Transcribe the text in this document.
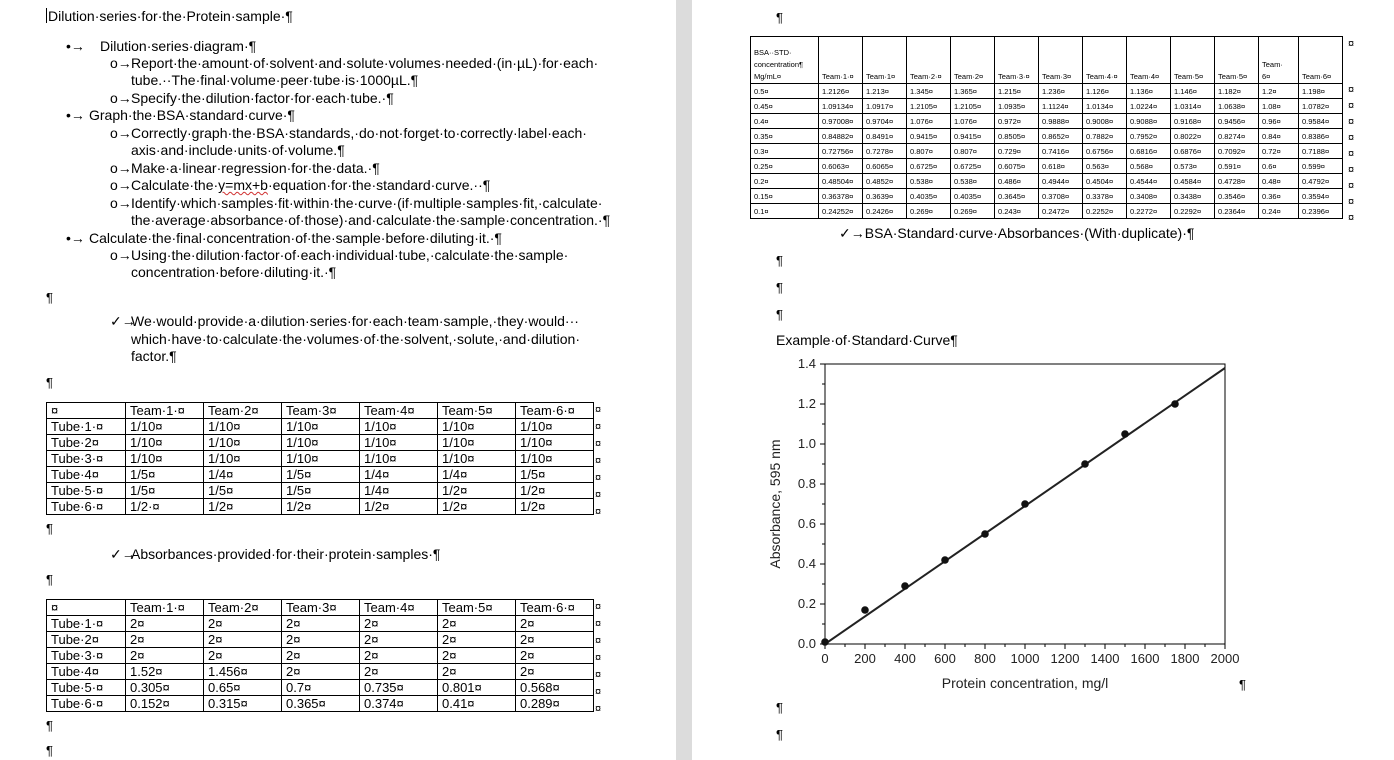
Dilution·series·for·the·Protein·sample·¶
•→ Dilution·series·diagram·¶
o→Report·the·amount·of·solvent·and·solute·volumes·needed·(in·µL)·for·each·
tube.··The·final·volume·peer·tube·is·1000µL.¶
o→Specify·the·dilution·factor·for·each·tube.·¶
•→ Graph·the·BSA·standard·curve·¶
o→Correctly·graph·the·BSA·standards,·do·not·forget·to·correctly·label·each·
axis·and·include·units·of·volume.¶
o→Make·a·linear·regression·for·the·data.·¶
o→Calculate·the·y=mx+b·equation·for·the·standard·curve.··¶
o→Identify·which·samples·fit·within·the·curve·(if·multiple·samples·fit,·calculate·
the·average·absorbance·of·those)·and·calculate·the·sample·concentration.·¶
•→ Calculate·the·final·concentration·of·the·sample·before·diluting·it.·¶
o→Using·the·dilution·factor·of·each·individual·tube,·calculate·the·sample·
concentration·before·diluting·it.·¶
¶
✓→We·would·provide·a·dilution·series·for·each·team·sample,·they·would···
which·have·to·calculate·the·volumes·of·the·solvent,·solute,·and·dilution·
factor.¶
¶
¤	Team·1·¤	Team·2¤	Team·3¤	Team·4¤	Team·5¤	Team·6·¤
Tube·1·¤	1/10¤	1/10¤	1/10¤	1/10¤	1/10¤	1/10¤
Tube·2¤	1/10¤	1/10¤	1/10¤	1/10¤	1/10¤	1/10¤
Tube·3·¤	1/10¤	1/10¤	1/10¤	1/10¤	1/10¤	1/10¤
Tube·4¤	1/5¤	1/4¤	1/5¤	1/4¤	1/4¤	1/5¤
Tube·5·¤	1/5¤	1/5¤	1/5¤	1/4¤	1/2¤	1/2¤
Tube·6·¤	1/2·¤	1/2¤	1/2¤	1/2¤	1/2¤	1/2¤
¤
¤
¤
¤
¤
¤
¤
¶
✓→Absorbances·provided·for·their·protein·samples·¶
¶
¤	Team·1·¤	Team·2¤	Team·3¤	Team·4¤	Team·5¤	Team·6·¤
Tube·1·¤	2¤	2¤	2¤	2¤	2¤	2¤
Tube·2¤	2¤	2¤	2¤	2¤	2¤	2¤
Tube·3·¤	2¤	2¤	2¤	2¤	2¤	2¤
Tube·4¤	1.52¤	1.456¤	2¤	2¤	2¤	2¤
Tube·5·¤	0.305¤	0.65¤	0.7¤	0.735¤	0.801¤	0.568¤
Tube·6·¤	0.152¤	0.315¤	0.365¤	0.374¤	0.41¤	0.289¤
¤
¤
¤
¤
¤
¤
¤
¶
¶
¶
BSA··STD·
concentration¶
Mg/mL¤	Team·1·¤	Team·1¤	Team·2·¤	Team·2¤	Team·3·¤	Team·3¤	Team·4·¤	Team·4¤	Team·5¤	Team·5¤	Team·
6¤	Team·6¤
0.5¤	1.2126¤	1.213¤	1.345¤	1.365¤	1.215¤	1.236¤	1.126¤	1.136¤	1.146¤	1.182¤	1.2¤	1.198¤
0.45¤	1.09134¤	1.0917¤	1.2105¤	1.2105¤	1.0935¤	1.1124¤	1.0134¤	1.0224¤	1.0314¤	1.0638¤	1.08¤	1.0782¤
0.4¤	0.97008¤	0.9704¤	1.076¤	1.076¤	0.972¤	0.9888¤	0.9008¤	0.9088¤	0.9168¤	0.9456¤	0.96¤	0.9584¤
0.35¤	0.84882¤	0.8491¤	0.9415¤	0.9415¤	0.8505¤	0.8652¤	0.7882¤	0.7952¤	0.8022¤	0.8274¤	0.84¤	0.8386¤
0.3¤	0.72756¤	0.7278¤	0.807¤	0.807¤	0.729¤	0.7416¤	0.6756¤	0.6816¤	0.6876¤	0.7092¤	0.72¤	0.7188¤
0.25¤	0.6063¤	0.6065¤	0.6725¤	0.6725¤	0.6075¤	0.618¤	0.563¤	0.568¤	0.573¤	0.591¤	0.6¤	0.599¤
0.2¤	0.48504¤	0.4852¤	0.538¤	0.538¤	0.486¤	0.4944¤	0.4504¤	0.4544¤	0.4584¤	0.4728¤	0.48¤	0.4792¤
0.15¤	0.36378¤	0.3639¤	0.4035¤	0.4035¤	0.3645¤	0.3708¤	0.3378¤	0.3408¤	0.3438¤	0.3546¤	0.36¤	0.3594¤
0.1¤	0.24252¤	0.2426¤	0.269¤	0.269¤	0.243¤	0.2472¤	0.2252¤	0.2272¤	0.2292¤	0.2364¤	0.24¤	0.2396¤
¤
¤
¤
¤
¤
¤
¤
¤
¤
¤
✓→BSA·Standard·curve·Absorbances·(With·duplicate)·¶
¶
¶
¶
Example·of·Standard·Curve¶
0.0
0.2
0.4
0.6
0.8
1.0
1.2
1.4
0 200 400 600 800 1000 1200 1400 1600 1800 2000
Protein concentration, mg/l
Absorbance, 595 nm
¶
¶
¶
